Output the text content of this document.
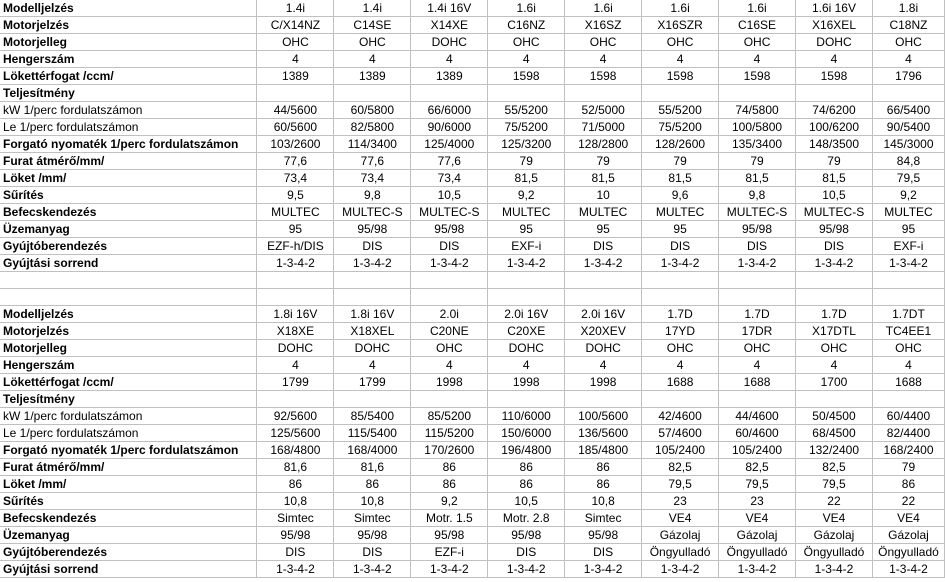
Modelljelzés	1.4i	1.4i	1.4i 16V	1.6i	1.6i	1.6i	1.6i	1.6i 16V	1.8i
Motorjelzés	C/X14NZ	C14SE	X14XE	C16NZ	X16SZ	X16SZR	C16SE	X16XEL	C18NZ
Motorjelleg	OHC	OHC	DOHC	OHC	OHC	OHC	OHC	DOHC	OHC
Hengerszám	4	4	4	4	4	4	4	4	4
Lökettérfogat /ccm/	1389	1389	1389	1598	1598	1598	1598	1598	1796
Teljesítmény									
kW 1/perc fordulatszámon	44/5600	60/5800	66/6000	55/5200	52/5000	55/5200	74/5800	74/6200	66/5400
Le 1/perc fordulatszámon	60/5600	82/5800	90/6000	75/5200	71/5000	75/5200	100/5800	100/6200	90/5400
Forgató nyomaték 1/perc fordulatszámon	103/2600	114/3400	125/4000	125/3200	128/2800	128/2600	135/3400	148/3500	145/3000
Furat átmérő/mm/	77,6	77,6	77,6	79	79	79	79	79	84,8
Löket /mm/	73,4	73,4	73,4	81,5	81,5	81,5	81,5	81,5	79,5
Sűrítés	9,5	9,8	10,5	9,2	10	9,6	9,8	10,5	9,2
Befecskendezés	MULTEC	MULTEC-S	MULTEC-S	MULTEC	MULTEC	MULTEC	MULTEC-S	MULTEC-S	MULTEC
Üzemanyag	95	95/98	95/98	95	95	95	95/98	95/98	95
Gyújtóberendezés	EZF-h/DIS	DIS	DIS	EXF-i	DIS	DIS	DIS	DIS	EXF-i
Gyújtási sorrend	1-3-4-2	1-3-4-2	1-3-4-2	1-3-4-2	1-3-4-2	1-3-4-2	1-3-4-2	1-3-4-2	1-3-4-2

Modelljelzés	1.8i 16V	1.8i 16V	2.0i	2.0i 16V	2.0i 16V	1.7D	1.7D	1.7D	1.7DT
Motorjelzés	X18XE	X18XEL	C20NE	C20XE	X20XEV	17YD	17DR	X17DTL	TC4EE1
Motorjelleg	DOHC	DOHC	OHC	DOHC	DOHC	OHC	OHC	OHC	OHC
Hengerszám	4	4	4	4	4	4	4	4	4
Lökettérfogat /ccm/	1799	1799	1998	1998	1998	1688	1688	1700	1688
Teljesítmény									
kW 1/perc fordulatszámon	92/5600	85/5400	85/5200	110/6000	100/5600	42/4600	44/4600	50/4500	60/4400
Le 1/perc fordulatszámon	125/5600	115/5400	115/5200	150/6000	136/5600	57/4600	60/4600	68/4500	82/4400
Forgató nyomaték 1/perc fordulatszámon	168/4800	168/4000	170/2600	196/4800	185/4800	105/2400	105/2400	132/2400	168/2400
Furat átmérő/mm/	81,6	81,6	86	86	86	82,5	82,5	82,5	79
Löket /mm/	86	86	86	86	86	79,5	79,5	79,5	86
Sűrítés	10,8	10,8	9,2	10,5	10,8	23	23	22	22
Befecskendezés	Simtec	Simtec	Motr. 1.5	Motr. 2.8	Simtec	VE4	VE4	VE4	VE4
Üzemanyag	95/98	95/98	95/98	95/98	95/98	Gázolaj	Gázolaj	Gázolaj	Gázolaj
Gyújtóberendezés	DIS	DIS	EZF-i	DIS	DIS	Öngyulladó	Öngyulladó	Öngyulladó	Öngyulladó
Gyújtási sorrend	1-3-4-2	1-3-4-2	1-3-4-2	1-3-4-2	1-3-4-2	1-3-4-2	1-3-4-2	1-3-4-2	1-3-4-2
